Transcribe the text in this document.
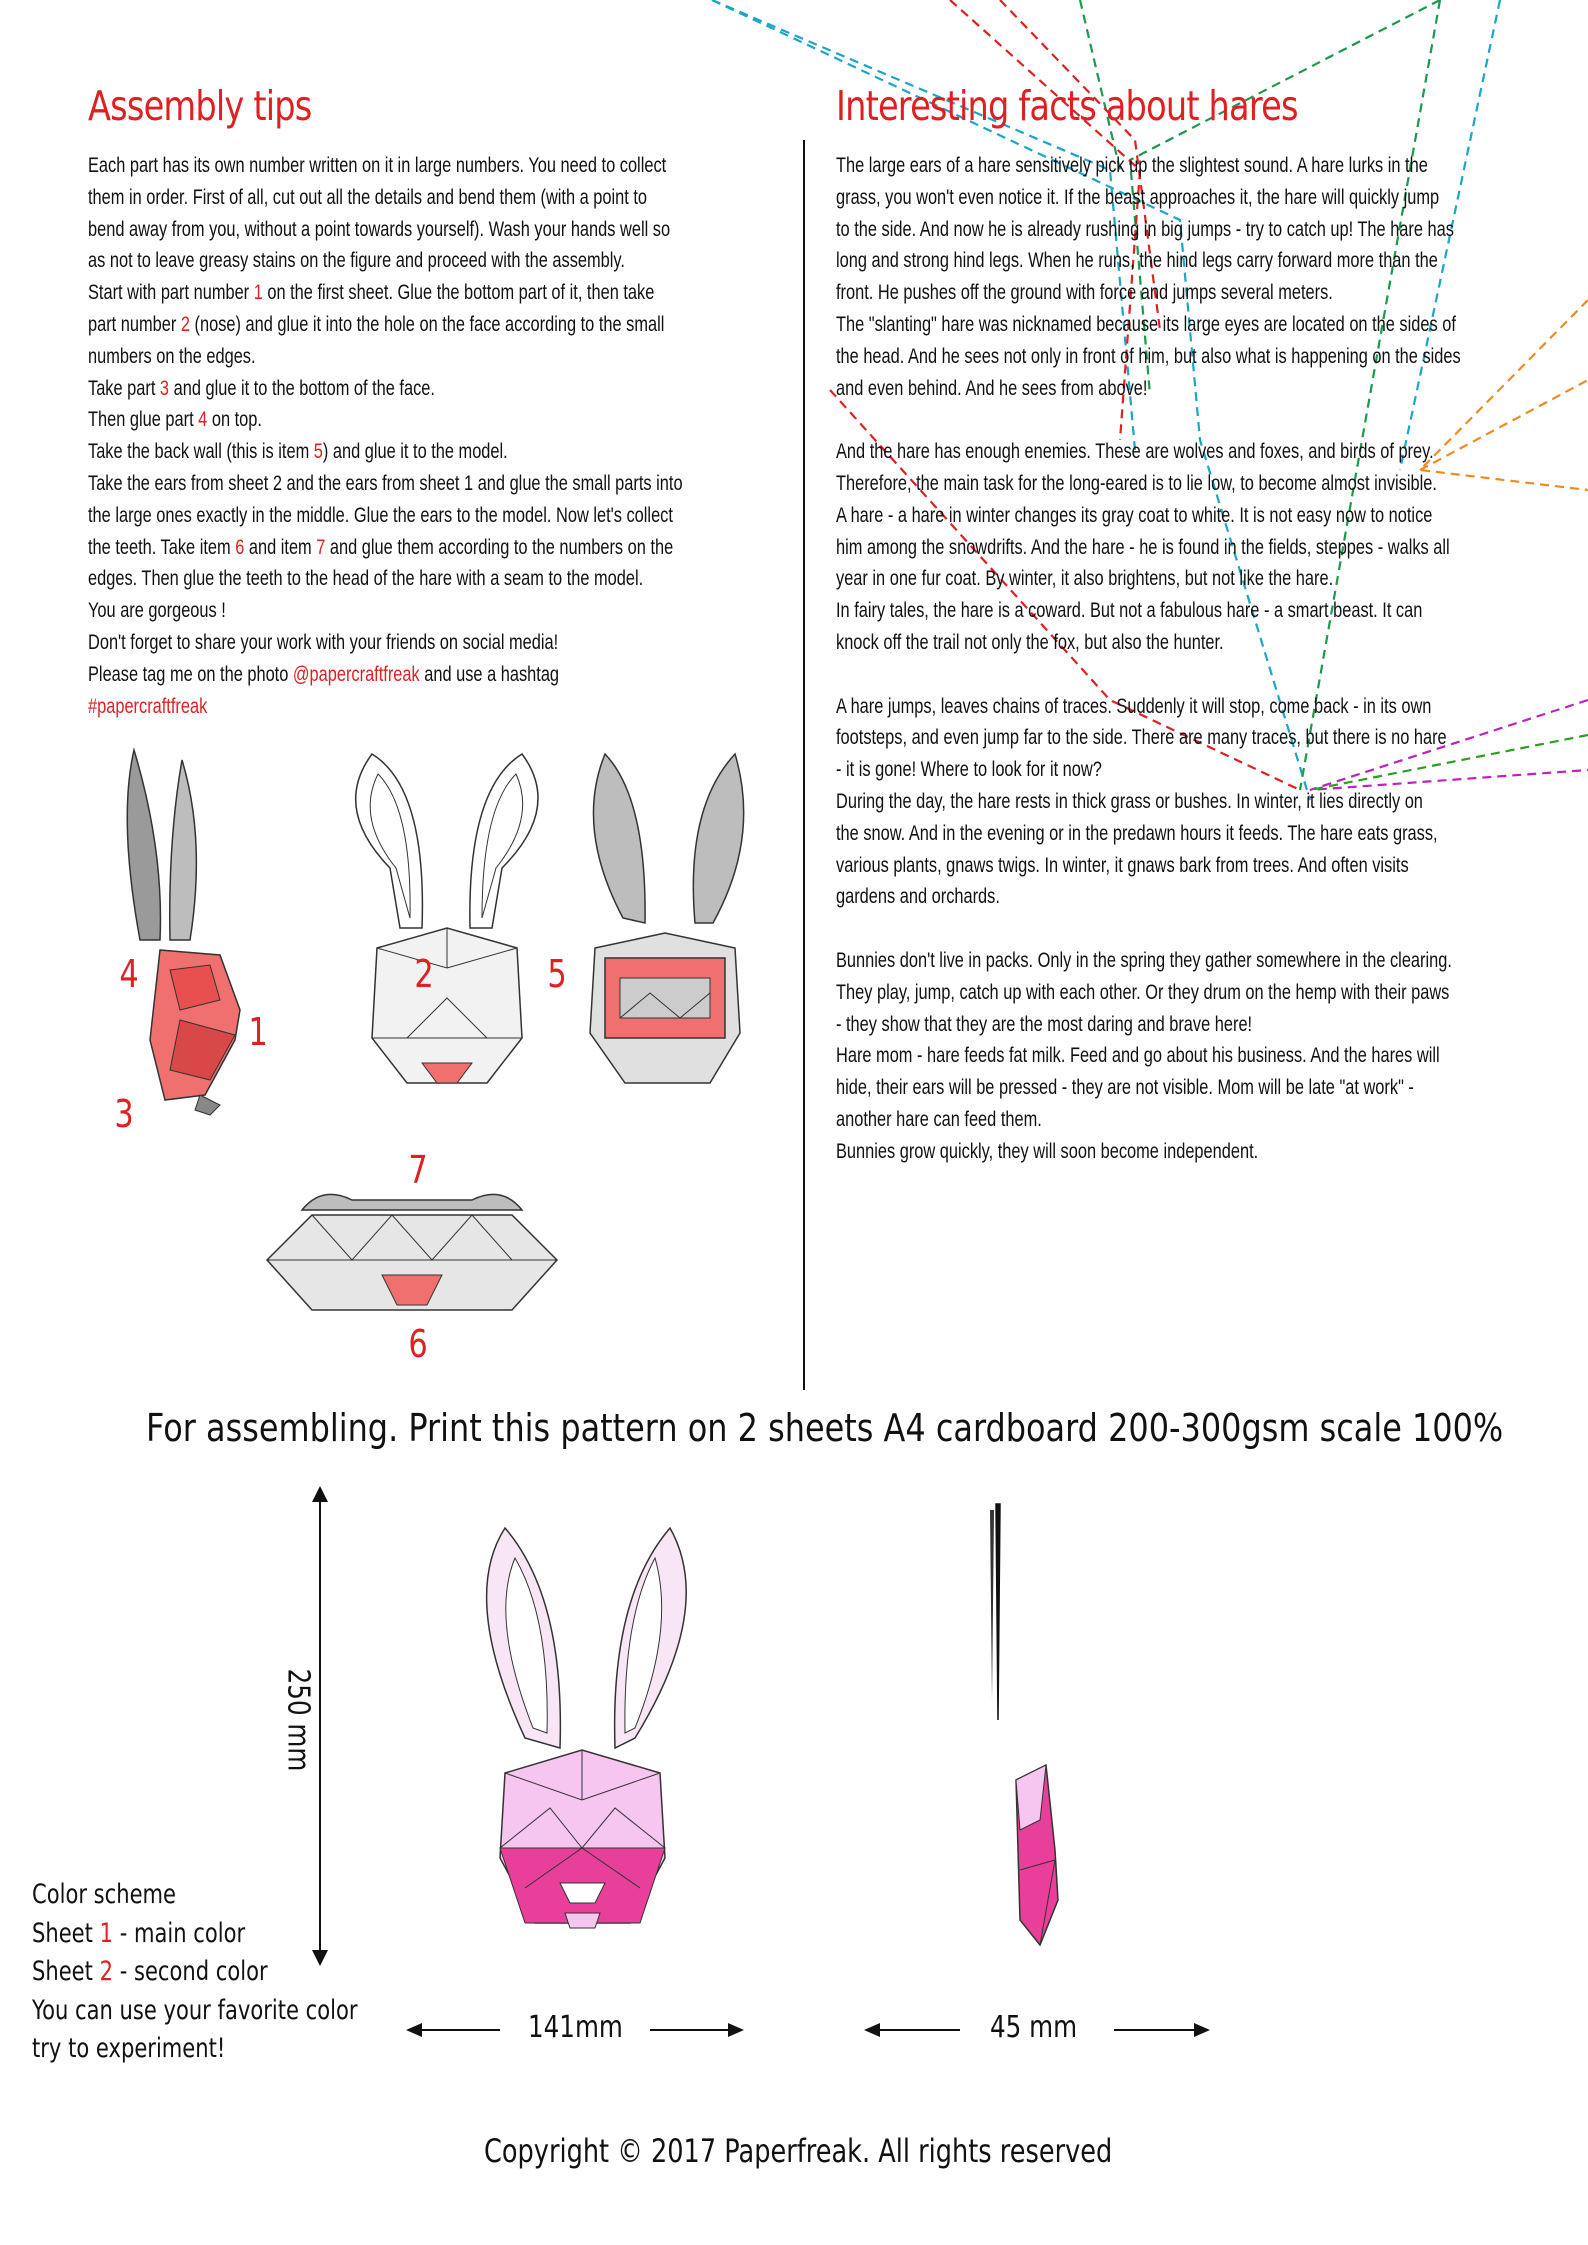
Assembly tips
Each part has its own number written on it in large numbers. You need to collect
them in order. First of all, cut out all the details and bend them (with a point to
bend away from you, without a point towards yourself). Wash your hands well so
as not to leave greasy stains on the figure and proceed with the assembly.
Start with part number 1 on the first sheet. Glue the bottom part of it, then take
part number 2 (nose) and glue it into the hole on the face according to the small
numbers on the edges.
Take part 3 and glue it to the bottom of the face.
Then glue part 4 on top.
Take the back wall (this is item 5) and glue it to the model.
Take the ears from sheet 2 and the ears from sheet 1 and glue the small parts into
the large ones exactly in the middle. Glue the ears to the model. Now let's collect
the teeth. Take item 6 and item 7 and glue them according to the numbers on the
edges. Then glue the teeth to the head of the hare with a seam to the model.
You are gorgeous !
Don't forget to share your work with your friends on social media!
Please tag me on the photo @papercraftfreak and use a hashtag
#papercraftfreak
Interesting facts about hares
The large ears of a hare sensitively pick up the slightest sound. A hare lurks in the
grass, you won't even notice it. If the beast approaches it, the hare will quickly jump
to the side. And now he is already rushing in big jumps - try to catch up! The hare has
long and strong hind legs. When he runs, the hind legs carry forward more than the
front. He pushes off the ground with force and jumps several meters.
The "slanting" hare was nicknamed because its large eyes are located on the sides of
the head. And he sees not only in front of him, but also what is happening on the sides
and even behind. And he sees from above!
And the hare has enough enemies. These are wolves and foxes, and birds of prey.
Therefore, the main task for the long-eared is to lie low, to become almost invisible.
A hare - a hare in winter changes its gray coat to white. It is not easy now to notice
him among the snowdrifts. And the hare - he is found in the fields, steppes - walks all
year in one fur coat. By winter, it also brightens, but not like the hare.
In fairy tales, the hare is a coward. But not a fabulous hare - a smart beast. It can
knock off the trail not only the fox, but also the hunter.
A hare jumps, leaves chains of traces. Suddenly it will stop, come back - in its own
footsteps, and even jump far to the side. There are many traces, but there is no hare
- it is gone! Where to look for it now?
During the day, the hare rests in thick grass or bushes. In winter, it lies directly on
the snow. And in the evening or in the predawn hours it feeds. The hare eats grass,
various plants, gnaws twigs. In winter, it gnaws bark from trees. And often visits
gardens and orchards.
Bunnies don't live in packs. Only in the spring they gather somewhere in the clearing.
They play, jump, catch up with each other. Or they drum on the hemp with their paws
- they show that they are the most daring and brave here!
Hare mom - hare feeds fat milk. Feed and go about his business. And the hares will
hide, their ears will be pressed - they are not visible. Mom will be late "at work" -
another hare can feed them.
Bunnies grow quickly, they will soon become independent.
4
1
3
2	5
7
6
For assembling. Print this pattern on 2 sheets A4 cardboard 200-300gsm scale 100%
250 mm
141mm	45 mm
Color scheme
Sheet 1 - main color
Sheet 2 - second color
You can use your favorite color
try to experiment!
Copyright © 2017 Paperfreak. All rights reserved
